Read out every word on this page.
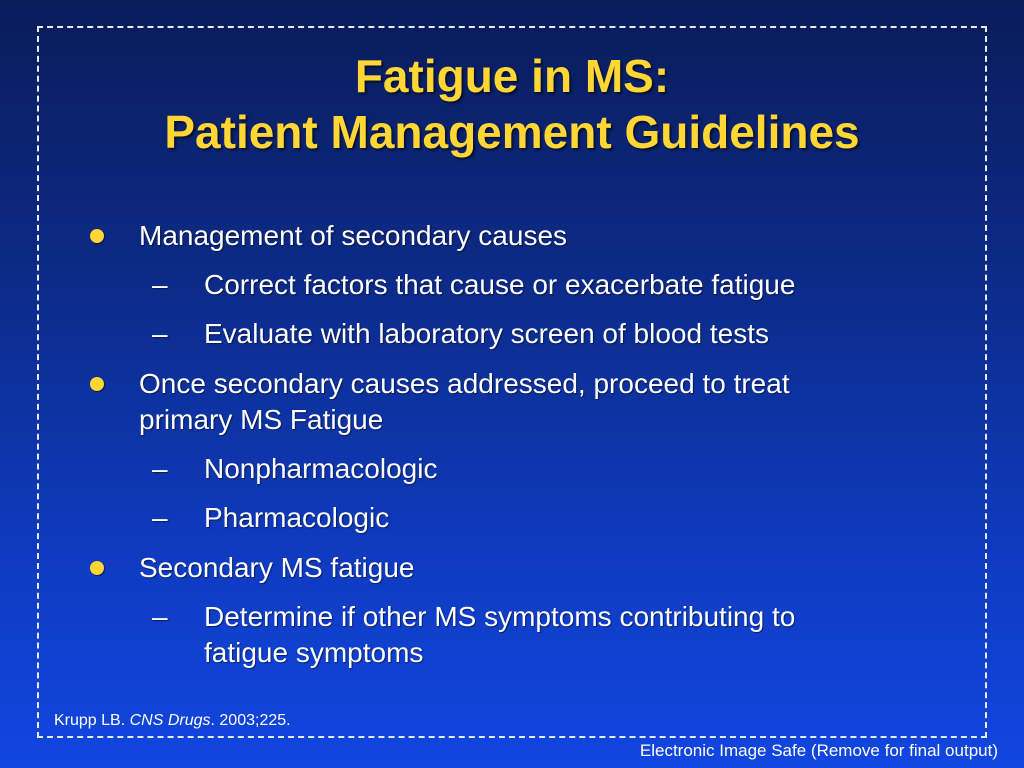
Fatigue in MS:
Patient Management Guidelines
Management of secondary causes
– Correct factors that cause or exacerbate fatigue
– Evaluate with laboratory screen of blood tests
Once secondary causes addressed, proceed to treat
primary MS Fatigue
– Nonpharmacologic
– Pharmacologic
Secondary MS fatigue
– Determine if other MS symptoms contributing to
fatigue symptoms
Krupp LB. CNS Drugs. 2003;225.
Electronic Image Safe (Remove for final output)
